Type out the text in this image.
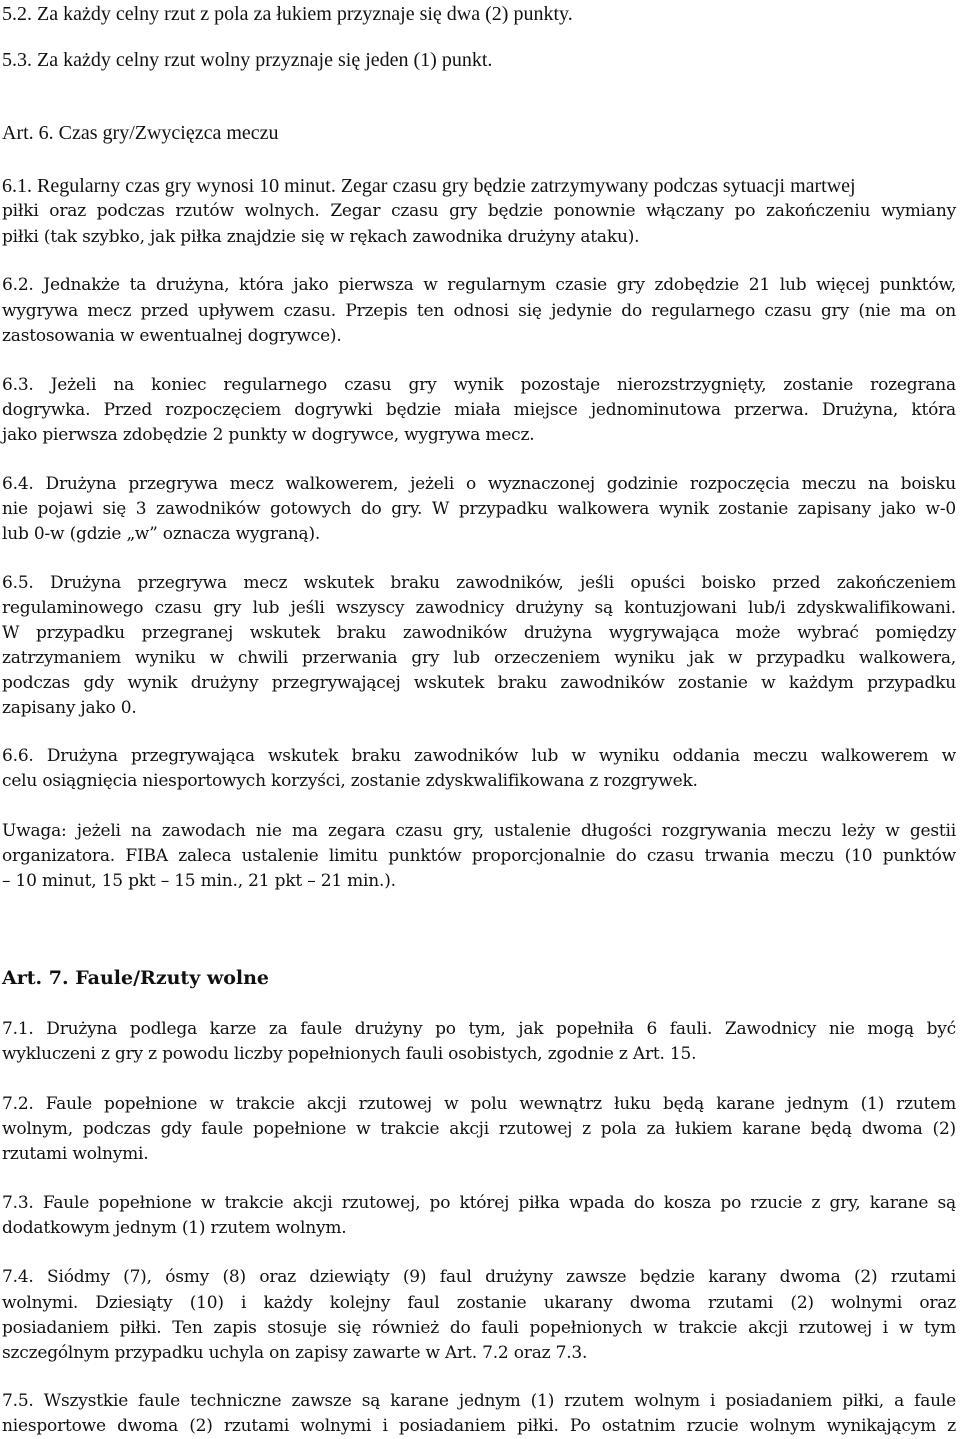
5.2. Za każdy celny rzut z pola za łukiem przyznaje się dwa (2) punkty.
5.3. Za każdy celny rzut wolny przyznaje się jeden (1) punkt.
Art. 6. Czas gry/Zwycięzca meczu
6.1. Regularny czas gry wynosi 10 minut. Zegar czasu gry będzie zatrzymywany podczas sytuacji martwej
piłki oraz podczas rzutów wolnych. Zegar czasu gry będzie ponownie włączany po zakończeniu wymiany
piłki (tak szybko, jak piłka znajdzie się w rękach zawodnika drużyny ataku).
6.2. Jednakże ta drużyna, która jako pierwsza w regularnym czasie gry zdobędzie 21 lub więcej punktów,
wygrywa mecz przed upływem czasu. Przepis ten odnosi się jedynie do regularnego czasu gry (nie ma on
zastosowania w ewentualnej dogrywce).
6.3. Jeżeli na koniec regularnego czasu gry wynik pozostaje nierozstrzygnięty, zostanie rozegrana
dogrywka. Przed rozpoczęciem dogrywki będzie miała miejsce jednominutowa przerwa. Drużyna, która
jako pierwsza zdobędzie 2 punkty w dogrywce, wygrywa mecz.
6.4. Drużyna przegrywa mecz walkowerem, jeżeli o wyznaczonej godzinie rozpoczęcia meczu na boisku
nie pojawi się 3 zawodników gotowych do gry. W przypadku walkowera wynik zostanie zapisany jako w-0
lub 0-w (gdzie „w” oznacza wygraną).
6.5. Drużyna przegrywa mecz wskutek braku zawodników, jeśli opuści boisko przed zakończeniem
regulaminowego czasu gry lub jeśli wszyscy zawodnicy drużyny są kontuzjowani lub/i zdyskwalifikowani.
W przypadku przegranej wskutek braku zawodników drużyna wygrywająca może wybrać pomiędzy
zatrzymaniem wyniku w chwili przerwania gry lub orzeczeniem wyniku jak w przypadku walkowera,
podczas gdy wynik drużyny przegrywającej wskutek braku zawodników zostanie w każdym przypadku
zapisany jako 0.
6.6. Drużyna przegrywająca wskutek braku zawodników lub w wyniku oddania meczu walkowerem w
celu osiągnięcia niesportowych korzyści, zostanie zdyskwalifikowana z rozgrywek.
Uwaga: jeżeli na zawodach nie ma zegara czasu gry, ustalenie długości rozgrywania meczu leży w gestii
organizatora. FIBA zaleca ustalenie limitu punktów proporcjonalnie do czasu trwania meczu (10 punktów
– 10 minut, 15 pkt – 15 min., 21 pkt – 21 min.).
Art. 7. Faule/Rzuty wolne
7.1. Drużyna podlega karze za faule drużyny po tym, jak popełniła 6 fauli. Zawodnicy nie mogą być
wykluczeni z gry z powodu liczby popełnionych fauli osobistych, zgodnie z Art. 15.
7.2. Faule popełnione w trakcie akcji rzutowej w polu wewnątrz łuku będą karane jednym (1) rzutem
wolnym, podczas gdy faule popełnione w trakcie akcji rzutowej z pola za łukiem karane będą dwoma (2)
rzutami wolnymi.
7.3. Faule popełnione w trakcie akcji rzutowej, po której piłka wpada do kosza po rzucie z gry, karane są
dodatkowym jednym (1) rzutem wolnym.
7.4. Siódmy (7), ósmy (8) oraz dziewiąty (9) faul drużyny zawsze będzie karany dwoma (2) rzutami
wolnymi. Dziesiąty (10) i każdy kolejny faul zostanie ukarany dwoma rzutami (2) wolnymi oraz
posiadaniem piłki. Ten zapis stosuje się również do fauli popełnionych w trakcie akcji rzutowej i w tym
szczególnym przypadku uchyla on zapisy zawarte w Art. 7.2 oraz 7.3.
7.5. Wszystkie faule techniczne zawsze są karane jednym (1) rzutem wolnym i posiadaniem piłki, a faule
niesportowe dwoma (2) rzutami wolnymi i posiadaniem piłki. Po ostatnim rzucie wolnym wynikającym z
